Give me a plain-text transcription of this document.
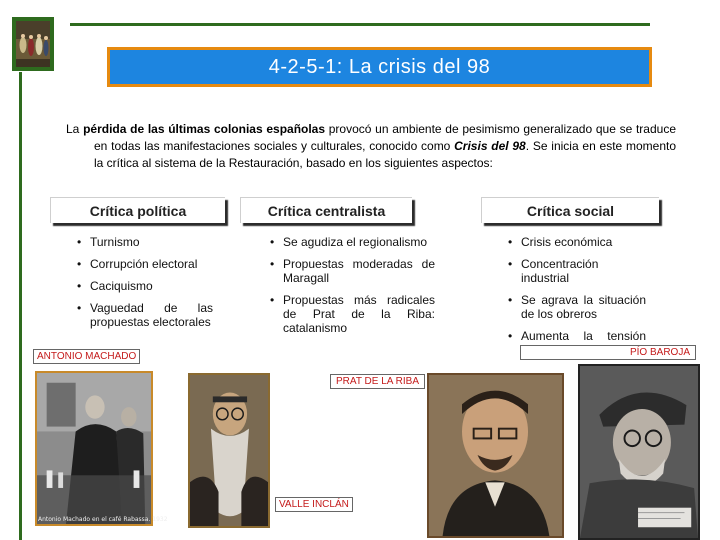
4-2-5-1: La crisis del 98
La pérdida de las últimas colonias españolas provocó un ambiente de pesimismo generalizado que se traduce en todas las manifestaciones sociales y culturales, conocido como Crisis del 98. Se inicia en este momento la crítica al sistema de la Restauración, basado en los siguientes aspectos:
Crítica política	Crítica centralista	Crítica social
• Turnismo
• Corrupción electoral
• Caciquismo
• Vaguedad de las propuestas electorales
• Se agudiza el regionalismo
• Propuestas moderadas de Maragall
• Propuestas más radicales de Prat de la Riba: catalanismo
• Crisis económica
• Concentración industrial
• Se agrava la situación de los obreros
• Aumenta la tensión
Antonio Machado en el café Rabassa. 1932
ANTONIO MACHADO	PÍO BAROJA
PRAT DE LA RIBA
VALLE INCLÁN
